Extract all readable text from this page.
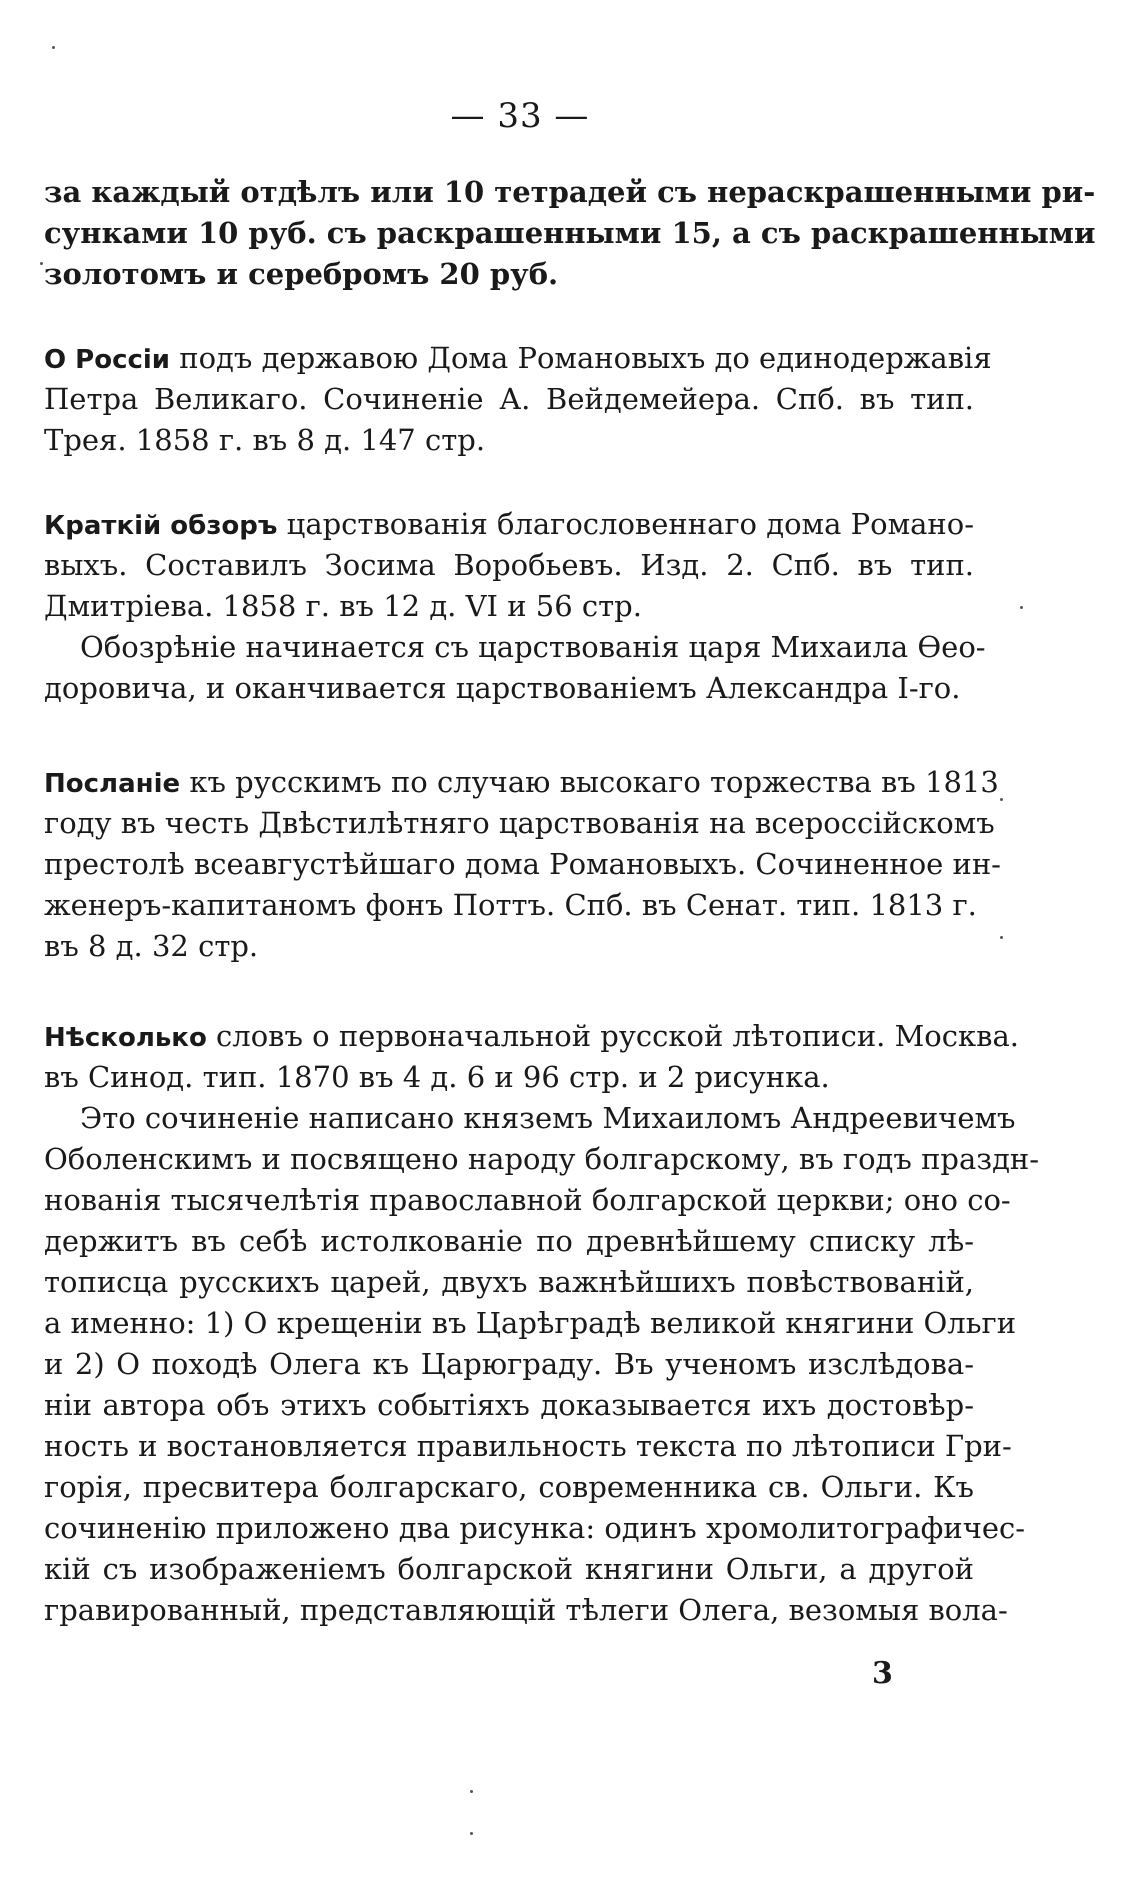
— 33 —
за каждый отдѣлъ или 10 тетрадей съ нераскрашенными ри-
сунками 10 руб. съ раскрашенными 15, а съ раскрашенными
золотомъ и серебромъ 20 руб.
О Россіи подъ державою Дома Романовыхъ до единодержавія
Петра Великаго. Сочиненіе А. Вейдемейера. Спб. въ тип.
Трея. 1858 г. въ 8 д. 147 стр.
Краткій обзоръ царствованія благословеннаго дома Романо-
выхъ. Составилъ Зосима Воробьевъ. Изд. 2. Спб. въ тип.
Дмитріева. 1858 г. въ 12 д. VI и 56 стр.
Обозрѣніе начинается съ царствованія царя Михаила Ѳео-
доровича, и оканчивается царствованіемъ Александра I-го.
Посланіе къ русскимъ по случаю высокаго торжества въ 1813
году въ честь Двѣстилѣтняго царствованія на всероссійскомъ
престолѣ всеавгустѣйшаго дома Романовыхъ. Сочиненное ин-
женеръ-капитаномъ фонъ Поттъ. Спб. въ Сенат. тип. 1813 г.
въ 8 д. 32 стр.
Нѣсколько словъ о первоначальной русской лѣтописи. Москва.
въ Синод. тип. 1870 въ 4 д. 6 и 96 стр. и 2 рисунка.
Это сочиненіе написано княземъ Михаиломъ Андреевичемъ
Оболенскимъ и посвящено народу болгарскому, въ годъ праздн-
нованія тысячелѣтія православной болгарской церкви; оно со-
держитъ въ себѣ истолкованіе по древнѣйшему списку лѣ-
тописца русскихъ царей, двухъ важнѣйшихъ повѣствованій,
а именно: 1) О крещеніи въ Царѣградѣ великой княгини Ольги
и 2) О походѣ Олега къ Царюграду. Въ ученомъ изслѣдова-
ніи автора объ этихъ событіяхъ доказывается ихъ достовѣр-
ность и востановляется правильность текста по лѣтописи Гри-
горія, пресвитера болгарскаго, современника св. Ольги. Къ
сочиненію приложено два рисунка: одинъ хромолитографичес-
кій съ изображеніемъ болгарской княгини Ольги, а другой
гравированный, представляющій тѣлеги Олега, везомыя вола-
3
